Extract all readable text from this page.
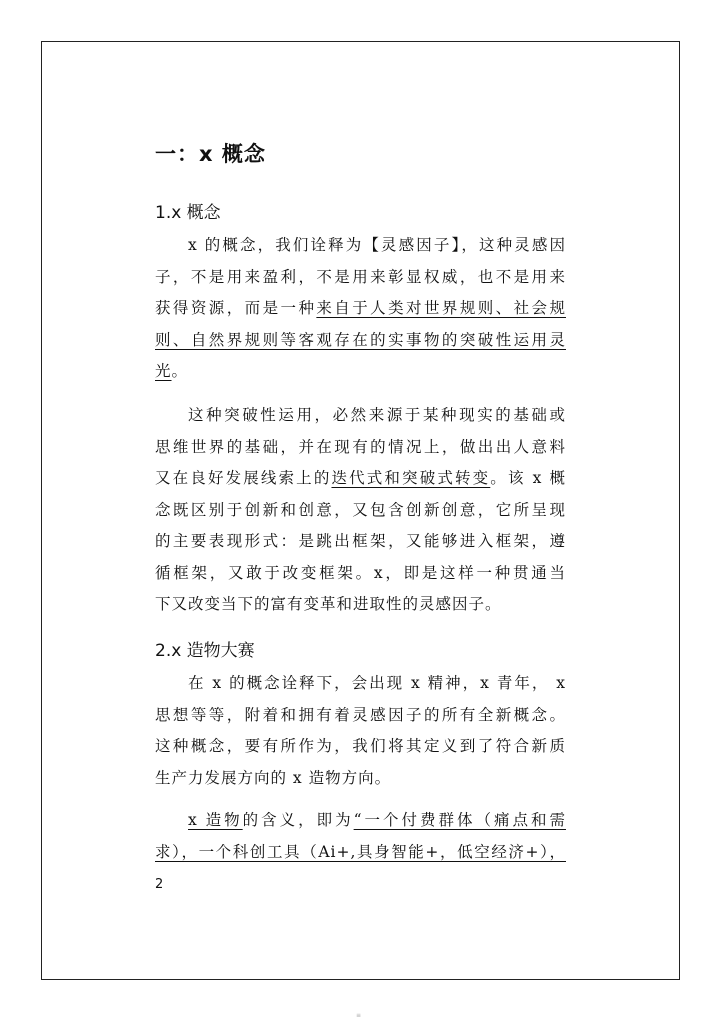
一：x 概念
1.x 概念
x 的概念，我们诠释为【灵感因子】，这种灵感因
子，不是用来盈利，不是用来彰显权威，也不是用来
获得资源，而是一种来自于人类对世界规则、社会规
则、自然界规则等客观存在的实事物的突破性运用灵
光。
这种突破性运用，必然来源于某种现实的基础或
思维世界的基础，并在现有的情况上，做出出人意料
又在良好发展线索上的迭代式和突破式转变。该 x 概
念既区别于创新和创意，又包含创新创意，它所呈现
的主要表现形式：是跳出框架，又能够进入框架，遵
循框架，又敢于改变框架。x，即是这样一种贯通当
下又改变当下的富有变革和进取性的灵感因子。
2.x 造物大赛
在 x 的概念诠释下，会出现 x 精神，x 青年， x
思想等等，附着和拥有着灵感因子的所有全新概念。
这种概念，要有所作为，我们将其定义到了符合新质
生产力发展方向的 x 造物方向。
x 造物的含义，即为“一个付费群体（痛点和需
求），一个科创工具（Ai+,具身智能+，低空经济+），
2
≡
